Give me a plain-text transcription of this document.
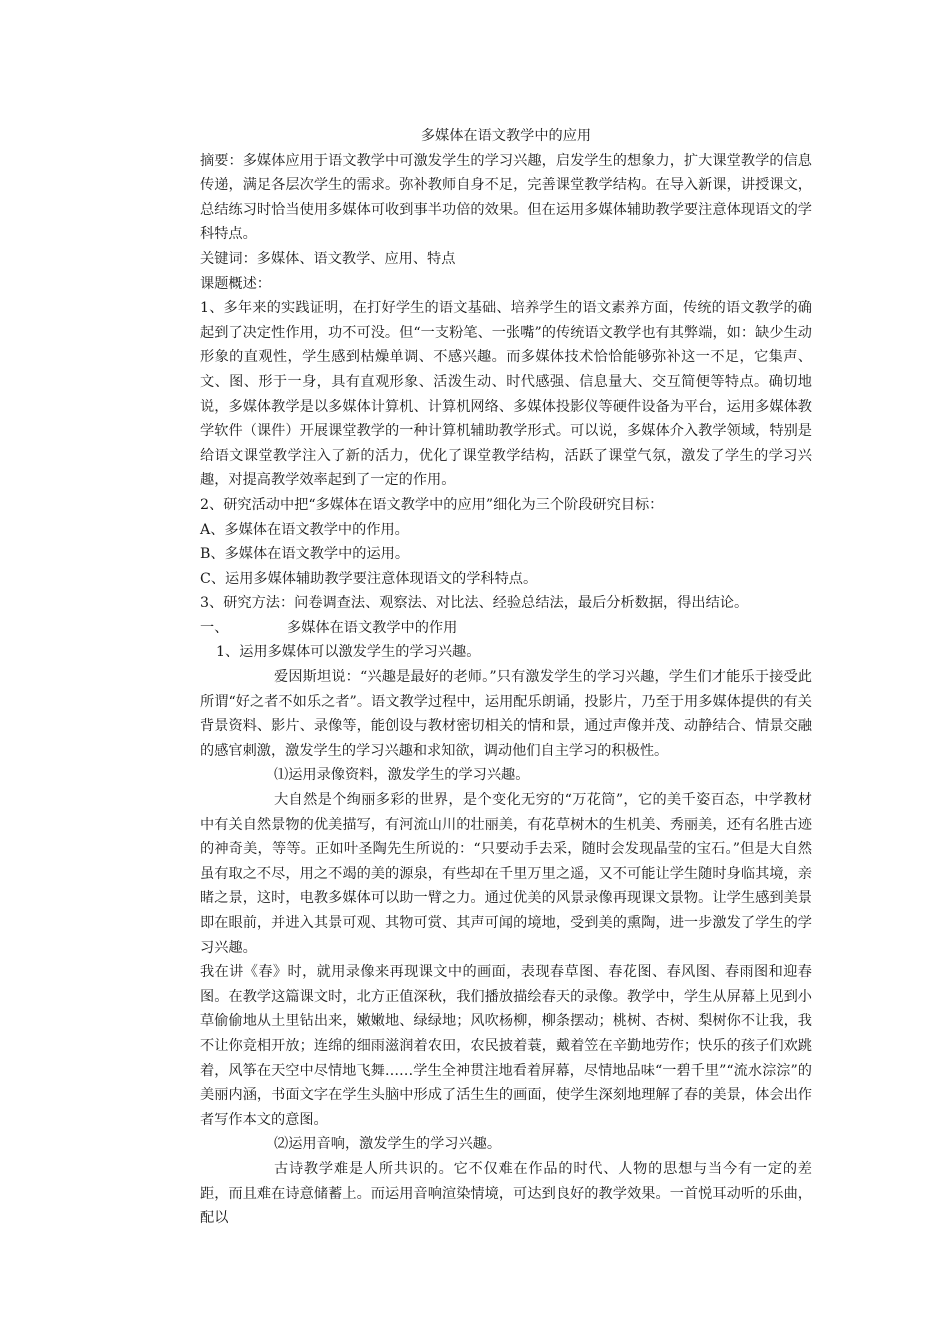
多媒体在语文教学中的应用

摘要：多媒体应用于语文教学中可激发学生的学习兴趣，启发学生的想象力，扩大课堂教学的信息传递，满足各层次学生的需求。弥补教师自身不足，完善课堂教学结构。在导入新课，讲授课文，总结练习时恰当使用多媒体可收到事半功倍的效果。但在运用多媒体辅助教学要注意体现语文的学科特点。

关键词：多媒体、语文教学、应用、特点

课题概述：

1、多年来的实践证明，在打好学生的语文基础、培养学生的语文素养方面，传统的语文教学的确起到了决定性作用，功不可没。但“一支粉笔、一张嘴”的传统语文教学也有其弊端，如：缺少生动形象的直观性，学生感到枯燥单调、不感兴趣。而多媒体技术恰恰能够弥补这一不足，它集声、文、图、形于一身，具有直观形象、活泼生动、时代感强、信息量大、交互简便等特点。确切地说，多媒体教学是以多媒体计算机、计算机网络、多媒体投影仪等硬件设备为平台，运用多媒体教学软件（课件）开展课堂教学的一种计算机辅助教学形式。可以说，多媒体介入教学领域，特别是给语文课堂教学注入了新的活力，优化了课堂教学结构，活跃了课堂气氛，激发了学生的学习兴趣，对提高教学效率起到了一定的作用。

2、研究活动中把“多媒体在语文教学中的应用”细化为三个阶段研究目标：

A、多媒体在语文教学中的作用。

B、多媒体在语文教学中的运用。

C、运用多媒体辅助教学要注意体现语文的学科特点。

3、研究方法：问卷调查法、观察法、对比法、经验总结法，最后分析数据，得出结论。

一、	多媒体在语文教学中的作用

1、运用多媒体可以激发学生的学习兴趣。

爱因斯坦说：“兴趣是最好的老师。”只有激发学生的学习兴趣，学生们才能乐于接受此所谓“好之者不如乐之者”。语文教学过程中，运用配乐朗诵，投影片，乃至于用多媒体提供的有关背景资料、影片、录像等，能创设与教材密切相关的情和景，通过声像并茂、动静结合、情景交融的感官刺激，激发学生的学习兴趣和求知欲，调动他们自主学习的积极性。

⑴运用录像资料，激发学生的学习兴趣。

大自然是个绚丽多彩的世界，是个变化无穷的“万花筒”，它的美千姿百态，中学教材中有关自然景物的优美描写，有河流山川的壮丽美，有花草树木的生机美、秀丽美，还有名胜古迹的神奇美，等等。正如叶圣陶先生所说的：“只要动手去采，随时会发现晶莹的宝石。”但是大自然虽有取之不尽，用之不竭的美的源泉，有些却在千里万里之遥，又不可能让学生随时身临其境，亲睹之景，这时，电教多媒体可以助一臂之力。通过优美的风景录像再现课文景物。让学生感到美景即在眼前，并进入其景可观、其物可赏、其声可闻的境地，受到美的熏陶，进一步激发了学生的学习兴趣。

我在讲《春》时，就用录像来再现课文中的画面，表现春草图、春花图、春风图、春雨图和迎春图。在教学这篇课文时，北方正值深秋，我们播放描绘春天的录像。教学中，学生从屏幕上见到小草偷偷地从土里钻出来，嫩嫩地、绿绿地；风吹杨柳，柳条摆动；桃树、杏树、梨树你不让我，我不让你竞相开放；连绵的细雨滋润着农田，农民披着蓑，戴着笠在辛勤地劳作；快乐的孩子们欢跳着，风筝在天空中尽情地飞舞……学生全神贯注地看着屏幕，尽情地品味“一碧千里”“流水淙淙”的美丽内涵，书面文字在学生头脑中形成了活生生的画面，使学生深刻地理解了春的美景，体会出作者写作本文的意图。

⑵运用音响，激发学生的学习兴趣。

古诗教学难是人所共识的。它不仅难在作品的时代、人物的思想与当今有一定的差距，而且难在诗意储蓄上。而运用音响渲染情境，可达到良好的教学效果。一首悦耳动听的乐曲，配以
